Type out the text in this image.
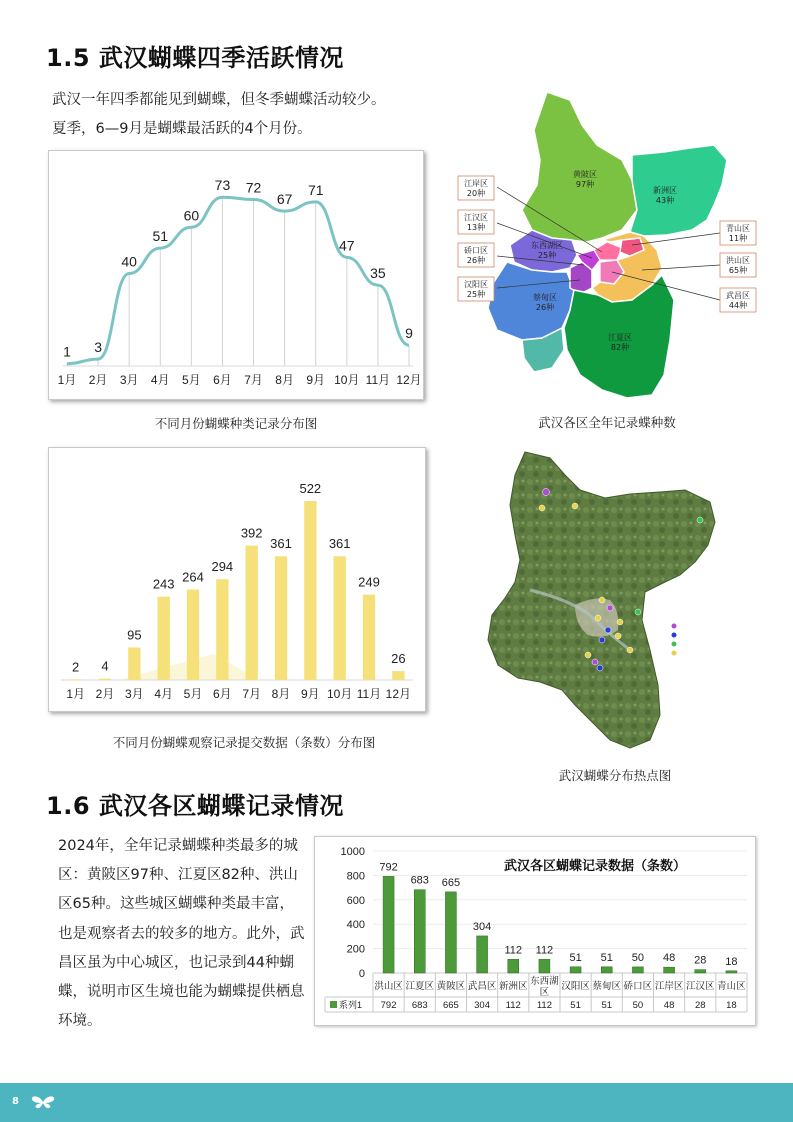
1.5 武汉蝴蝶四季活跃情况
武汉一年四季都能见到蝴蝶，但冬季蝴蝶活动较少。
夏季，6—9月是蝴蝶最活跃的4个月份。
1
1月
3
2月
40
3月
51
4月
60
5月
73
6月
72
7月
67
8月
71
9月
47
10月
35
11月
9
12月
不同月份蝴蝶种类记录分布图
2
1月
4
2月
95
3月
243
4月
264
5月
294
6月
392
7月
361
8月
522
9月
361
10月
249
11月
26
12月
不同月份蝴蝶观察记录提交数据（条数）分布图
黄陂区
97种
新洲区
43种
东西湖区
25种
蔡甸区
26种
江夏区
82种
江岸区
20种
江汉区
13种
硚口区
26种
汉阳区
25种
青山区
11种
洪山区
65种
武昌区
44种
武汉各区全年记录蝶种数
≥50种
40～49种
30～39种
20～29种
武汉蝴蝶分布热点图
1.6 武汉各区蝴蝶记录情况
2024年，全年记录蝴蝶种类最多的城区：黄陂区97种、江夏区82种、洪山区65种。这些城区蝴蝶种类最丰富，也是观察者去的较多的地方。此外，武昌区虽为中心城区，也记录到44种蝴蝶，说明市区生境也能为蝴蝶提供栖息环境。
0
200
400
600
800
1000
武汉各区蝴蝶记录数据（条数）
792
683 665
304
112 112
51 51 50 48 28 18
系列1
洪山区
792
江夏区
683
黄陂区
665
武昌区
304
新洲区
112
东西湖
区
112
汉阳区
51
蔡甸区
51
硚口区
50
江岸区
48
江汉区
28
青山区
18
8
